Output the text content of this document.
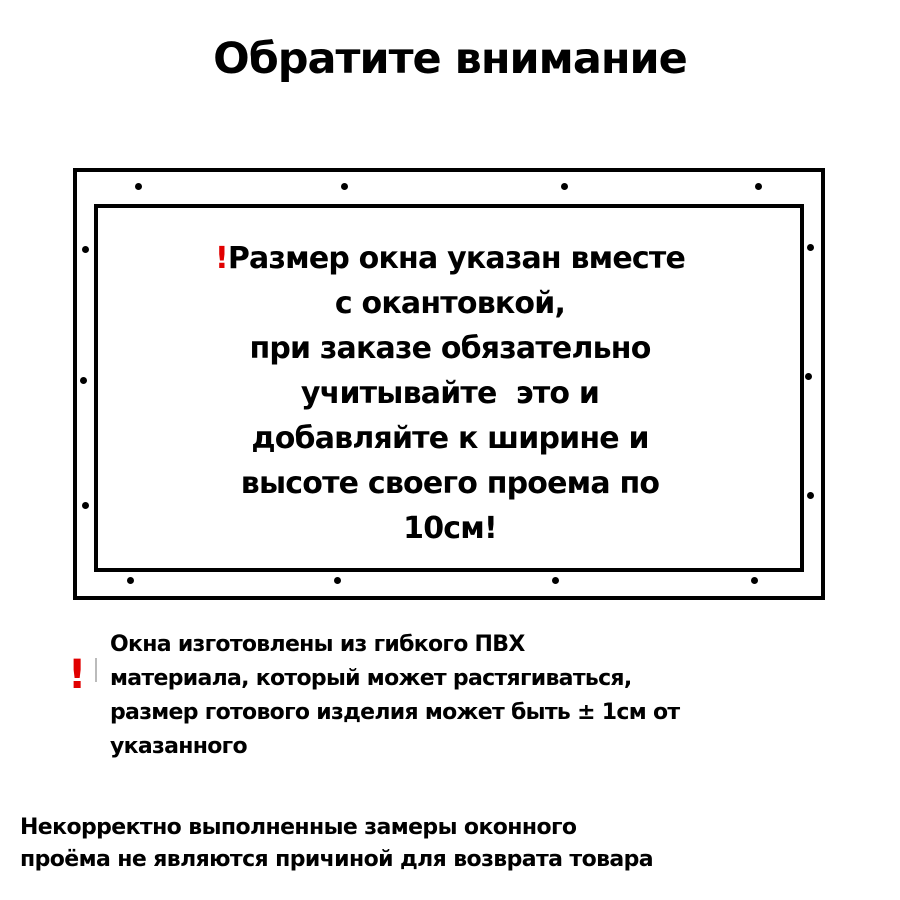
Обратите внимание
!Размер окна указан вместе
с окантовкой,
при заказе обязательно
учитывайте  это и
добавляйте к ширине и
высоте своего проема по
10см!
!
Окна изготовлены из гибкого ПВХ
материала, который может растягиваться,
размер готового изделия может быть ± 1см от
указанного
Некорректно выполненные замеры оконного
проёма не являются причиной для возврата товара
